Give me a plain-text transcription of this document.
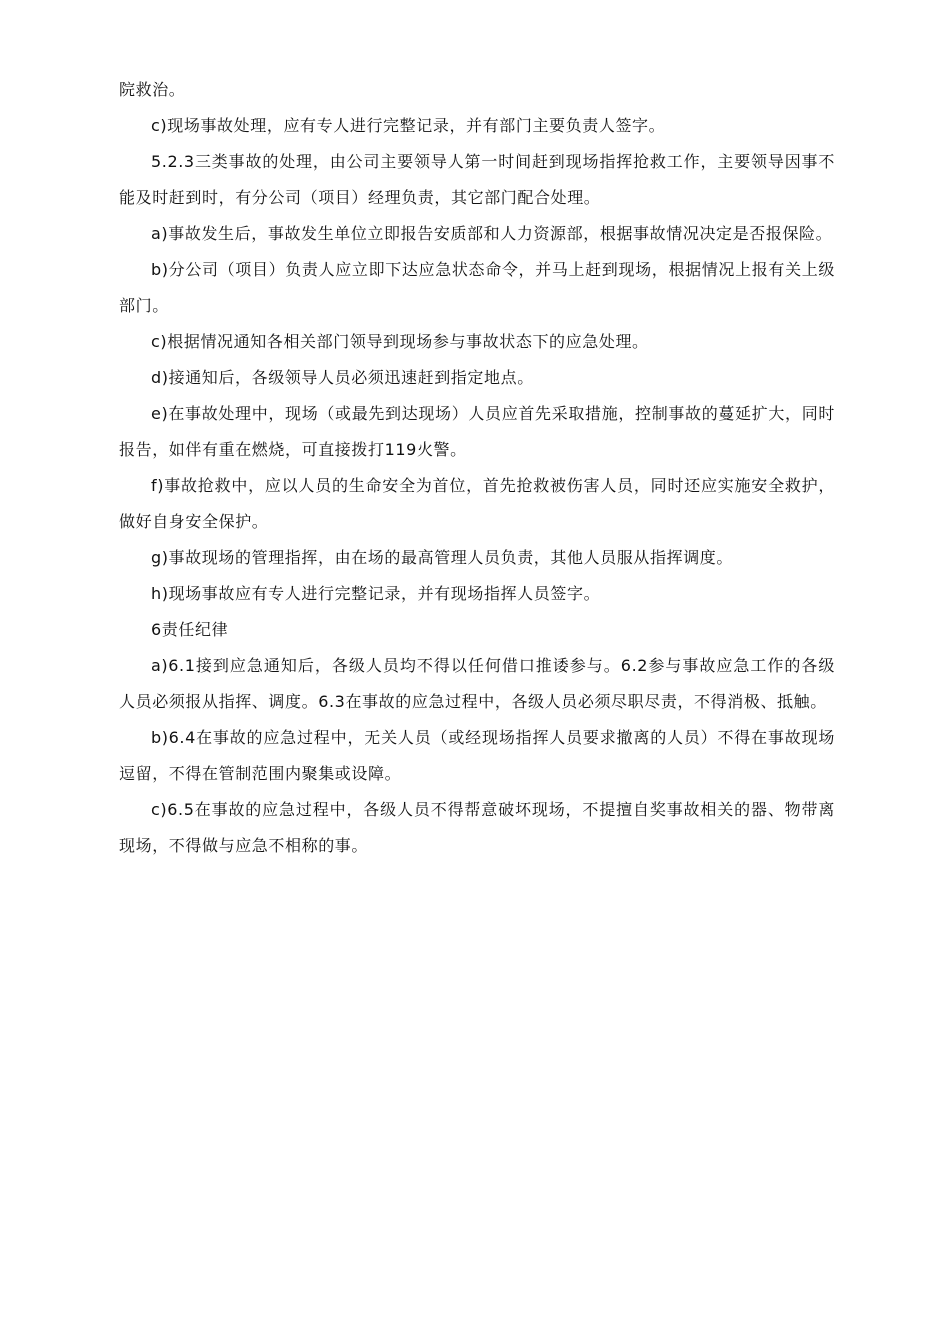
院救治。

c)现场事故处理，应有专人进行完整记录，并有部门主要负责人签字。

5.2.3三类事故的处理，由公司主要领导人第一时间赶到现场指挥抢救工作，主要领导因事不能及时赶到时，有分公司（项目）经理负责，其它部门配合处理。

a)事故发生后，事故发生单位立即报告安质部和人力资源部，根据事故情况决定是否报保险。

b)分公司（项目）负责人应立即下达应急状态命令，并马上赶到现场，根据情况上报有关上级部门。

c)根据情况通知各相关部门领导到现场参与事故状态下的应急处理。

d)接通知后，各级领导人员必须迅速赶到指定地点。

e)在事故处理中，现场（或最先到达现场）人员应首先采取措施，控制事故的蔓延扩大，同时报告，如伴有重在燃烧，可直接拨打119火警。

f)事故抢救中，应以人员的生命安全为首位，首先抢救被伤害人员，同时还应实施安全救护，做好自身安全保护。

g)事故现场的管理指挥，由在场的最高管理人员负责，其他人员服从指挥调度。

h)现场事故应有专人进行完整记录，并有现场指挥人员签字。

6责任纪律

a)6.1接到应急通知后，各级人员均不得以任何借口推诿参与。6.2参与事故应急工作的各级人员必须报从指挥、调度。6.3在事故的应急过程中，各级人员必须尽职尽责，不得消极、抵触。

b)6.4在事故的应急过程中，无关人员（或经现场指挥人员要求撤离的人员）不得在事故现场逗留，不得在管制范围内聚集或设障。

c)6.5在事故的应急过程中，各级人员不得帮意破坏现场，不提擅自奖事故相关的器、物带离现场，不得做与应急不相称的事。
